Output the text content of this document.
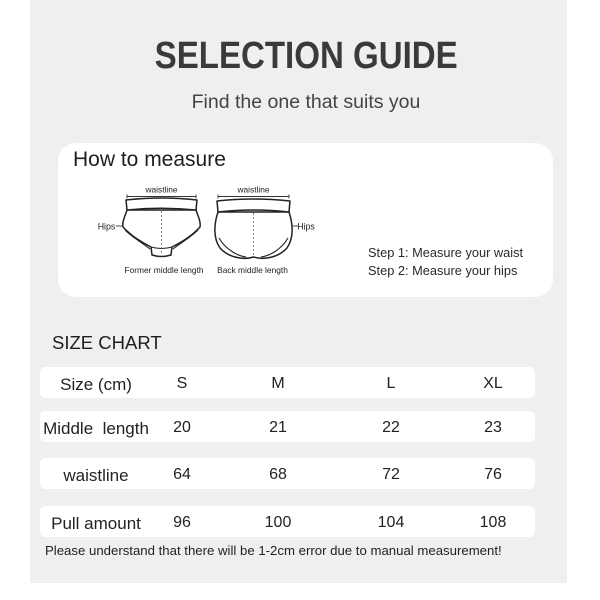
SELECTION GUIDE
Find the one that suits you
How to measure
waistline
Hips
Former middle length
waistline
Hips
Back middle length
Step 1: Measure your waist
Step 2: Measure your hips
SIZE CHART
Size (cm)	S	M	L	XL
Middle  length	20	21	22	23
waistline	64	68	72	76
Pull amount	96	100	104	108
Please understand that there will be 1-2cm error due to manual measurement!
